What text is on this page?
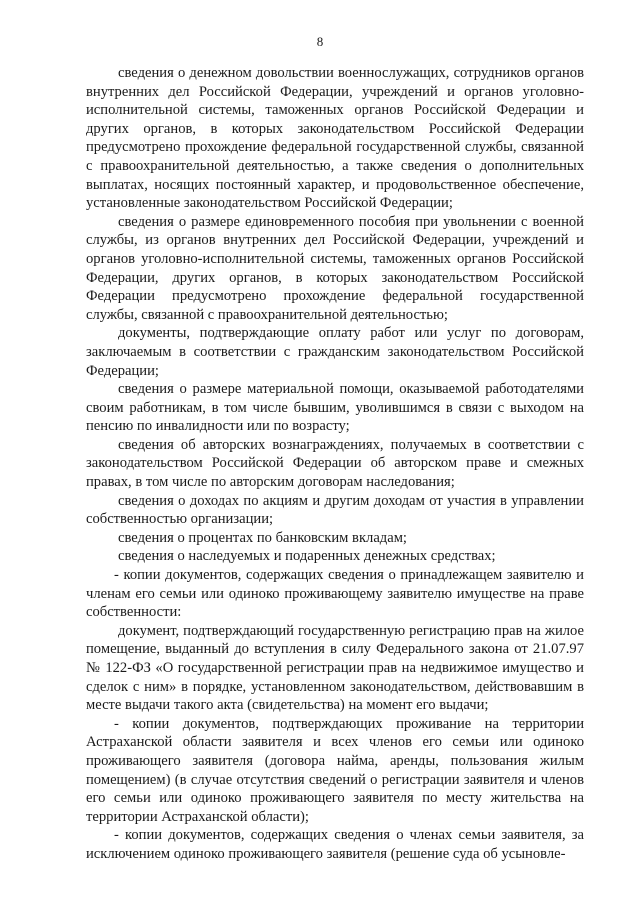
8

сведения о денежном довольствии военнослужащих, сотрудников органов внутренних дел Российской Федерации, учреждений и органов уголовно-исполнительной системы, таможенных органов Российской Федерации и других органов, в которых законодательством Российской Федерации предусмотрено прохождение федеральной государственной службы, связанной с правоохранительной деятельностью, а также сведения о дополнительных выплатах, носящих постоянный характер, и продовольственное обеспечение, установленные законодательством Российской Федерации;

сведения о размере единовременного пособия при увольнении с военной службы, из органов внутренних дел Российской Федерации, учреждений и органов уголовно-исполнительной системы, таможенных органов Российской Федерации, других органов, в которых законодательством Российской Федерации предусмотрено прохождение федеральной государственной службы, связанной с правоохранительной деятельностью;

документы, подтверждающие оплату работ или услуг по договорам, заключаемым в соответствии с гражданским законодательством Российской Федерации;

сведения о размере материальной помощи, оказываемой работодателями своим работникам, в том числе бывшим, уволившимся в связи с выходом на пенсию по инвалидности или по возрасту;

сведения об авторских вознаграждениях, получаемых в соответствии с законодательством Российской Федерации об авторском праве и смежных правах, в том числе по авторским договорам наследования;

сведения о доходах по акциям и другим доходам от участия в управлении собственностью организации;

сведения о процентах по банковским вкладам;

сведения о наследуемых и подаренных денежных средствах;

- копии документов, содержащих сведения о принадлежащем заявителю и членам его семьи или одиноко проживающему заявителю имуществе на праве собственности:

документ, подтверждающий государственную регистрацию прав на жилое помещение, выданный до вступления в силу Федерального закона от 21.07.97 № 122-ФЗ «О государственной регистрации прав на недвижимое имущество и сделок с ним» в порядке, установленном законодательством, действовавшим в месте выдачи такого акта (свидетельства) на момент его выдачи;

- копии документов, подтверждающих проживание на территории Астраханской области заявителя и всех членов его семьи или одиноко проживающего заявителя (договора найма, аренды, пользования жилым помещением) (в случае отсутствия сведений о регистрации заявителя и членов его семьи или одиноко проживающего заявителя по месту жительства на территории Астраханской области);

- копии документов, содержащих сведения о членах семьи заявителя, за исключением одиноко проживающего заявителя (решение суда об усыновле-
